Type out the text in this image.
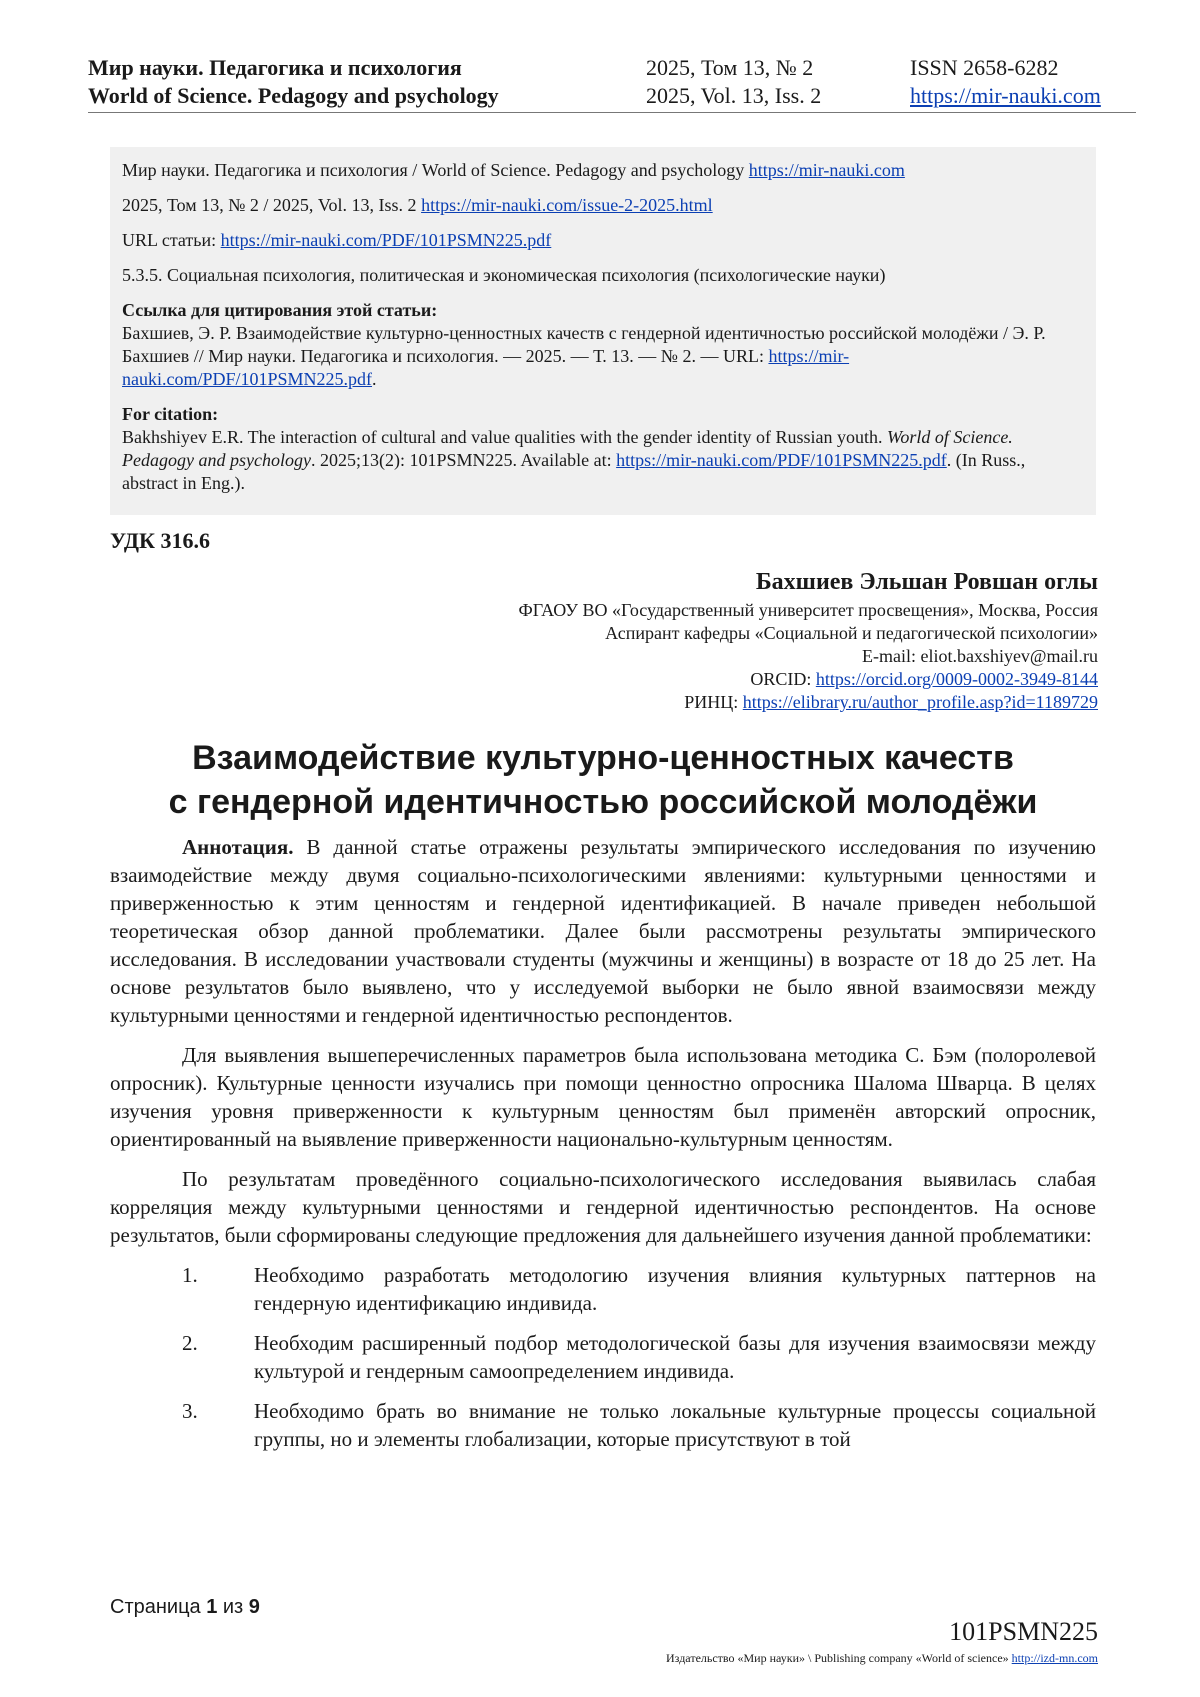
Мир науки. Педагогика и психология
World of Science. Pedagogy and psychology
2025, Том 13, № 2
2025, Vol. 13, Iss. 2
ISSN 2658-6282
https://mir-nauki.com
Мир науки. Педагогика и психология / World of Science. Pedagogy and psychology https://mir-nauki.com
2025, Том 13, № 2 / 2025, Vol. 13, Iss. 2 https://mir-nauki.com/issue-2-2025.html
URL статьи: https://mir-nauki.com/PDF/101PSMN225.pdf
5.3.5. Социальная психология, политическая и экономическая психология (психологические науки)
Ссылка для цитирования этой статьи:
Бахшиев, Э. Р. Взаимодействие культурно-ценностных качеств с гендерной идентичностью российской молодёжи / Э. Р. Бахшиев // Мир науки. Педагогика и психология. — 2025. — Т. 13. — № 2. — URL: https://mir-nauki.com/PDF/101PSMN225.pdf.
For citation:
Bakhshiyev E.R. The interaction of cultural and value qualities with the gender identity of Russian youth. World of Science. Pedagogy and psychology. 2025;13(2): 101PSMN225. Available at: https://mir-nauki.com/PDF/101PSMN225.pdf. (In Russ., abstract in Eng.).
УДК 316.6
Бахшиев Эльшан Ровшан оглы
ФГАОУ ВО «Государственный университет просвещения», Москва, Россия
Аспирант кафедры «Социальной и педагогической психологии»
E-mail: eliot.baxshiyev@mail.ru
ORCID: https://orcid.org/0009-0002-3949-8144
РИНЦ: https://elibrary.ru/author_profile.asp?id=1189729
Взаимодействие культурно-ценностных качеств
с гендерной идентичностью российской молодёжи

Аннотация. В данной статье отражены результаты эмпирического исследования по изучению взаимодействие между двумя социально-психологическими явлениями: культурными ценностями и приверженностью к этим ценностям и гендерной идентификацией. В начале приведен небольшой теоретическая обзор данной проблематики. Далее были рассмотрены результаты эмпирического исследования. В исследовании участвовали студенты (мужчины и женщины) в возрасте от 18 до 25 лет. На основе результатов было выявлено, что у исследуемой выборки не было явной взаимосвязи между культурными ценностями и гендерной идентичностью респондентов.

Для выявления вышеперечисленных параметров была использована методика С. Бэм (полоролевой опросник). Культурные ценности изучались при помощи ценностно опросника Шалома Шварца. В целях изучения уровня приверженности к культурным ценностям был применён авторский опросник, ориентированный на выявление приверженности национально-культурным ценностям.

По результатам проведённого социально-психологического исследования выявилась слабая корреляция между культурными ценностями и гендерной идентичностью респондентов. На основе результатов, были сформированы следующие предложения для дальнейшего изучения данной проблематики:

1.	Необходимо разработать методологию изучения влияния культурных паттернов на гендерную идентификацию индивида.
2.	Необходим расширенный подбор методологической базы для изучения взаимосвязи между культурой и гендерным самоопределением индивида.
3.	Необходимо брать во внимание не только локальные культурные процессы социальной группы, но и элементы глобализации, которые присутствуют в той
Страница 1 из 9
101PSMN225
Издательство «Мир науки» \ Publishing company «World of science» http://izd-mn.com
